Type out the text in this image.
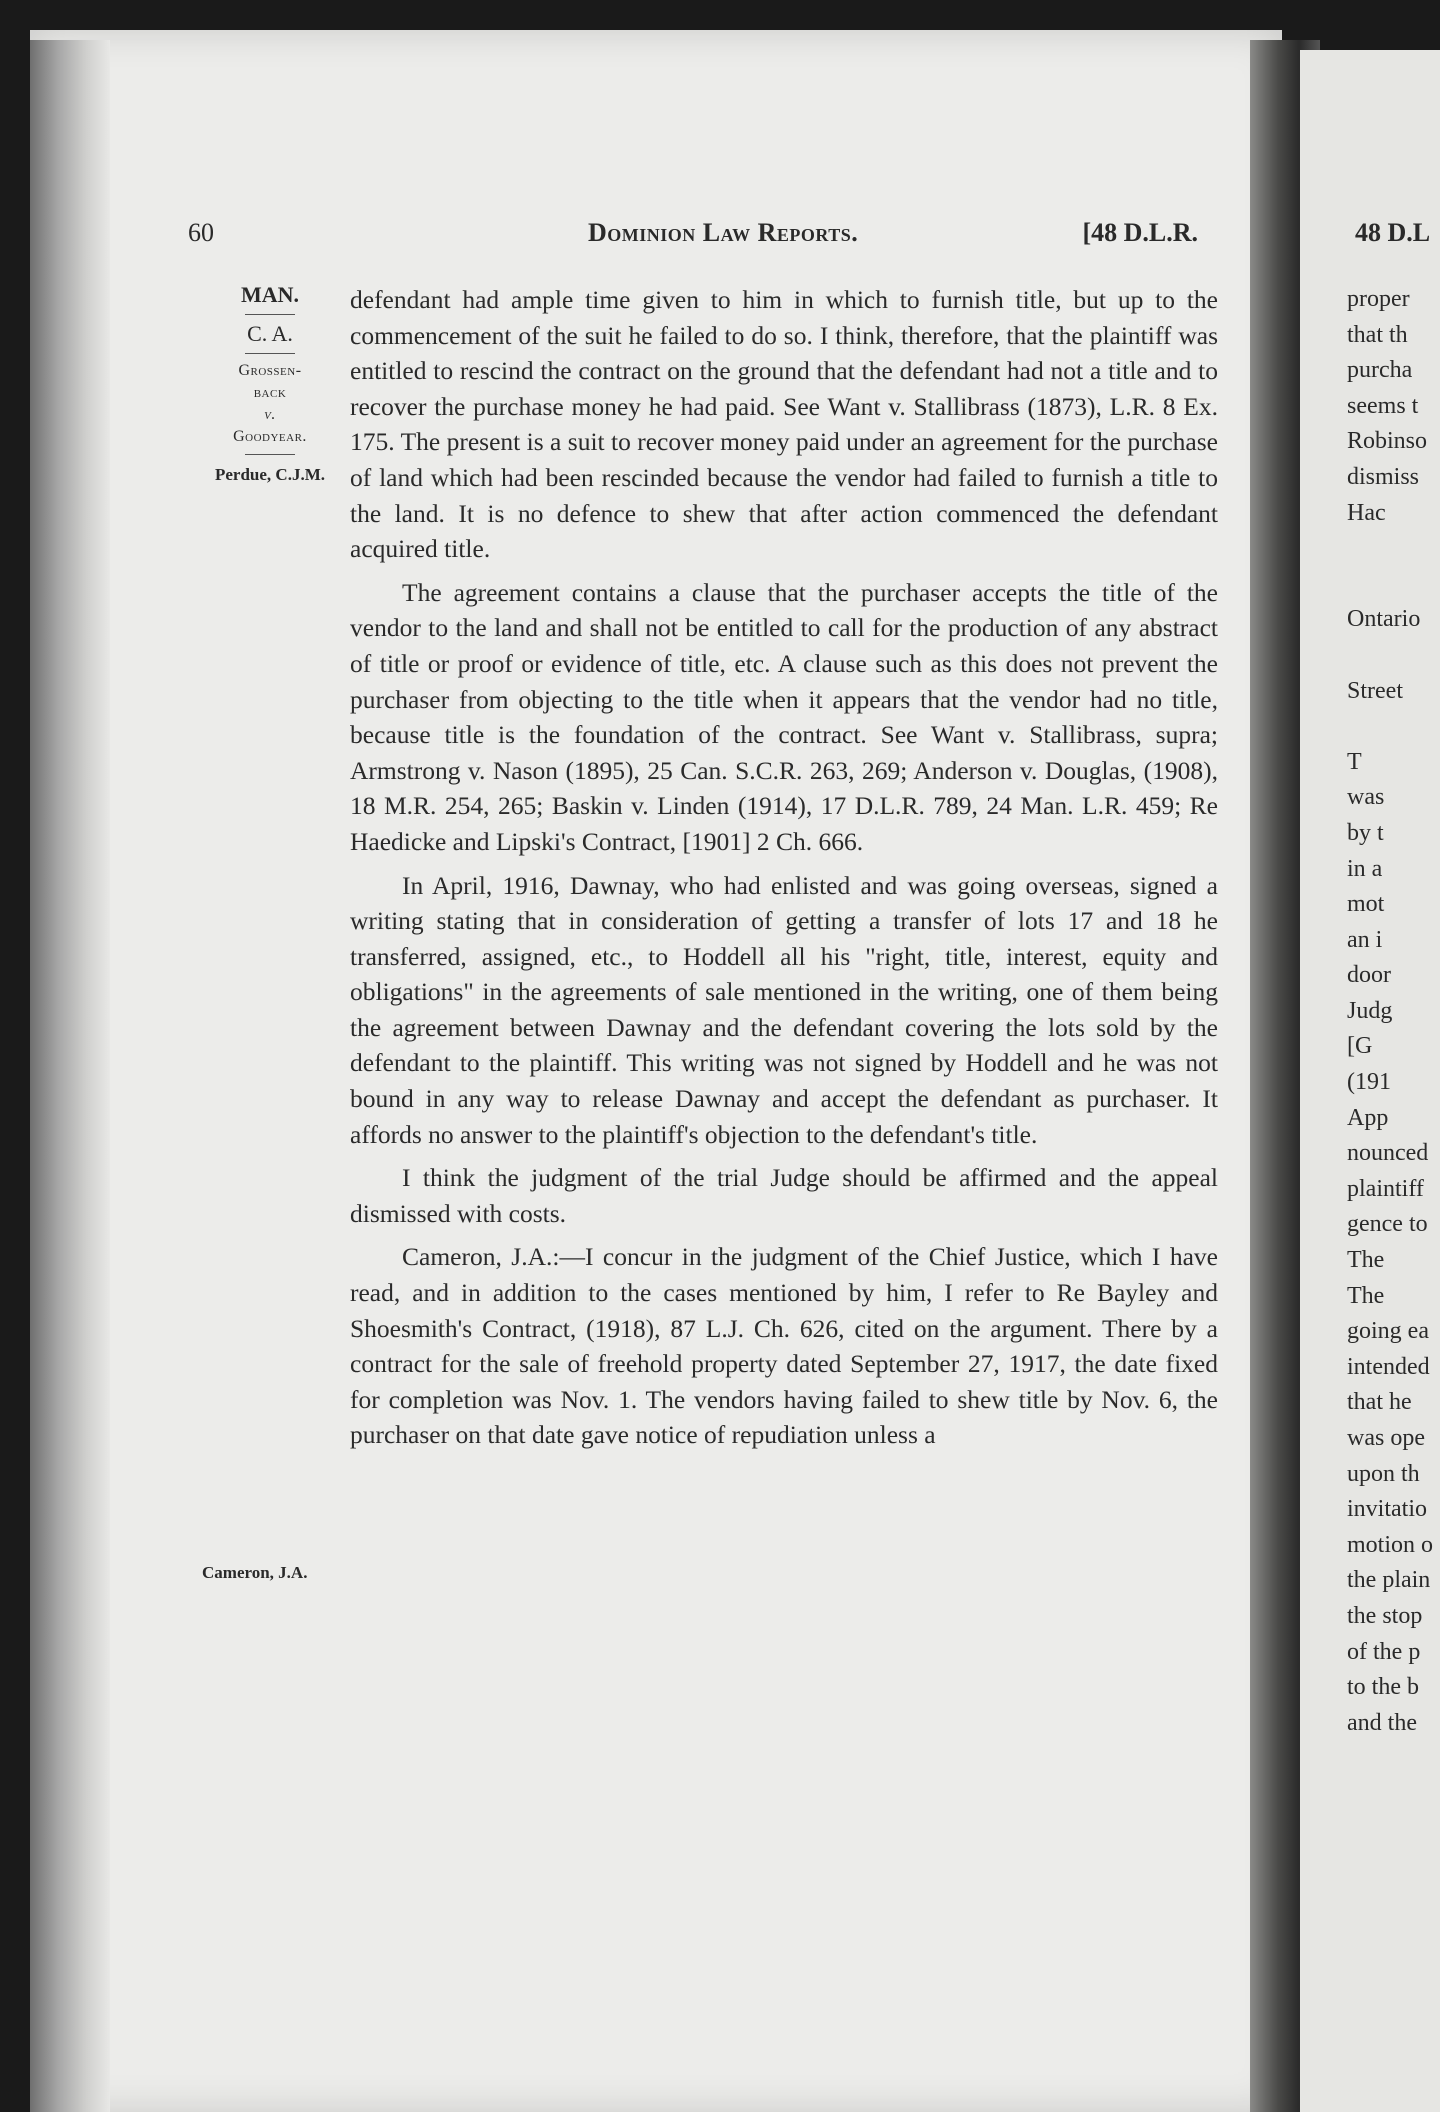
60	Dominion Law Reports.	[48 D.L.R.
MAN.
C. A.
Grossen-
back
v.
Goodyear.
Perdue, C.J.M.
Cameron, J.A.

defendant had ample time given to him in which to furnish title, but up to the commencement of the suit he failed to do so. I think, therefore, that the plaintiff was entitled to rescind the contract on the ground that the defendant had not a title and to recover the purchase money he had paid. See Want v. Stallibrass (1873), L.R. 8 Ex. 175. The present is a suit to recover money paid under an agreement for the purchase of land which had been rescinded because the vendor had failed to furnish a title to the land. It is no defence to shew that after action commenced the defendant acquired title.

The agreement contains a clause that the purchaser accepts the title of the vendor to the land and shall not be entitled to call for the production of any abstract of title or proof or evidence of title, etc. A clause such as this does not prevent the purchaser from objecting to the title when it appears that the vendor had no title, because title is the foundation of the contract. See Want v. Stallibrass, supra; Armstrong v. Nason (1895), 25 Can. S.C.R. 263, 269; Anderson v. Douglas, (1908), 18 M.R. 254, 265; Baskin v. Linden (1914), 17 D.L.R. 789, 24 Man. L.R. 459; Re Haedicke and Lipski's Contract, [1901] 2 Ch. 666.

In April, 1916, Dawnay, who had enlisted and was going overseas, signed a writing stating that in consideration of getting a transfer of lots 17 and 18 he transferred, assigned, etc., to Hoddell all his "right, title, interest, equity and obligations" in the agreements of sale mentioned in the writing, one of them being the agreement between Dawnay and the defendant covering the lots sold by the defendant to the plaintiff. This writing was not signed by Hoddell and he was not bound in any way to release Dawnay and accept the defendant as purchaser. It affords no answer to the plaintiff's objection to the defendant's title.

I think the judgment of the trial Judge should be affirmed and the appeal dismissed with costs.

Cameron, J.A.:—I concur in the judgment of the Chief Justice, which I have read, and in addition to the cases mentioned by him, I refer to Re Bayley and Shoesmith's Contract, (1918), 87 L.J. Ch. 626, cited on the argument. There by a contract for the sale of freehold property dated September 27, 1917, the date fixed for completion was Nov. 1. The vendors having failed to shew title by Nov. 6, the purchaser on that date gave notice of repudiation unless a

48 D.L
proper
that th
purcha
seems t
Robinso
dismiss
Hac

Ontario

Street

T
was
by t
in a
mot
an i
door
Judg
[G
(191
App
nounced
plaintiff
gence to
The
The
going ea
intended
that he
was ope
upon th
invitatio
motion o
the plain
the stop
of the p
to the b
and the
